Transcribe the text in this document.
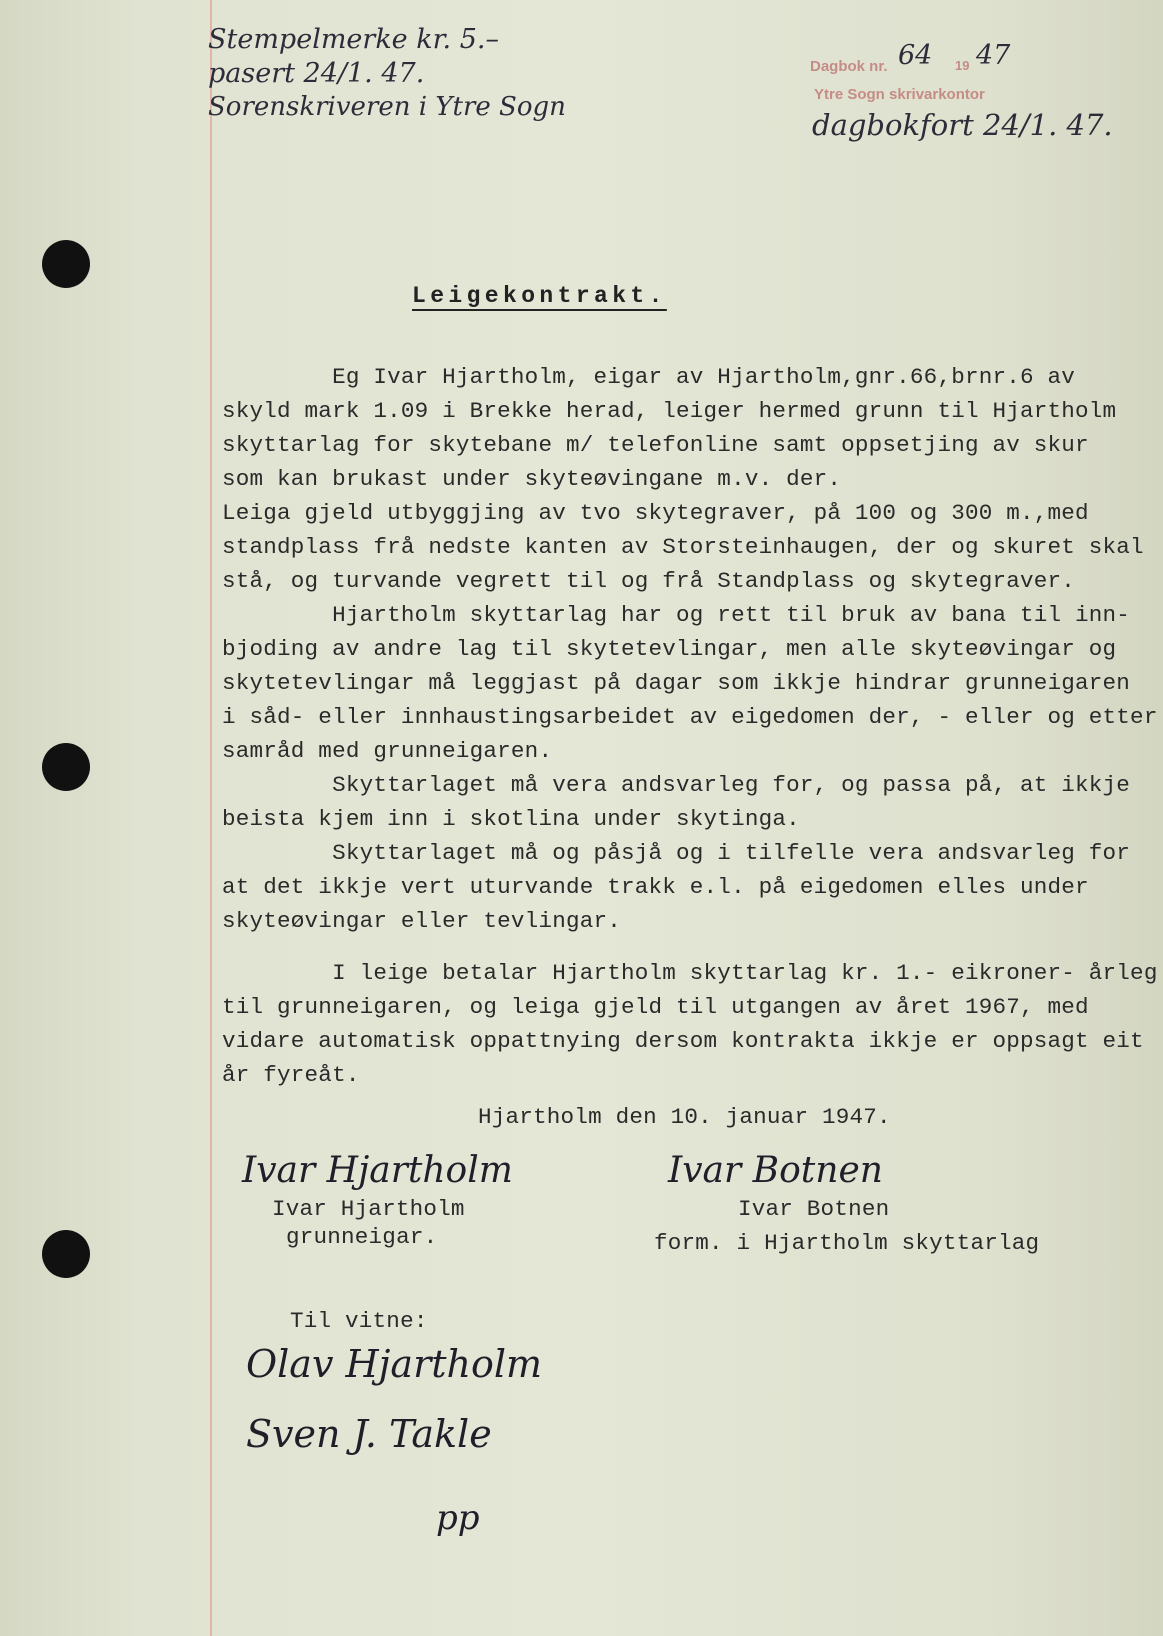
Stempelmerke kr. 5.–
pasert 24/1. 47.
Sorenskriveren i Ytre Sogn
Dagbok nr. 64 19 47
Ytre Sogn skrivarkontor
dagbokfort 24/1. 47.
Leigekontrakt.
Eg Ivar Hjartholm, eigar av Hjartholm,gnr.66,brnr.6 av
skyld mark 1.09 i Brekke herad, leiger hermed grunn til Hjartholm
skyttarlag for skytebane m/ telefonline samt oppsetjing av skur
som kan brukast under skyteøvingane m.v. der.
Leiga gjeld utbyggjing av tvo skytegraver, på 100 og 300 m.,med
standplass frå nedste kanten av Storsteinhaugen, der og skuret skal
stå, og turvande vegrett til og frå Standplass og skytegraver.
Hjartholm skyttarlag har og rett til bruk av bana til inn-
bjoding av andre lag til skytetevlingar, men alle skyteøvingar og
skytetevlingar må leggjast på dagar som ikkje hindrar grunneigaren
i såd- eller innhaustingsarbeidet av eigedomen der, - eller og etter
samråd med grunneigaren.
Skyttarlaget må vera andsvarleg for, og passa på, at ikkje
beista kjem inn i skotlina under skytinga.
Skyttarlaget må og påsjå og i tilfelle vera andsvarleg for
at det ikkje vert uturvande trakk e.l. på eigedomen elles under
skyteøvingar eller tevlingar.
I leige betalar Hjartholm skyttarlag kr. 1.- eikroner- årleg
til grunneigaren, og leiga gjeld til utgangen av året 1967, med
vidare automatisk oppattnying dersom kontrakta ikkje er oppsagt eit
år fyreåt.
Hjartholm den 10. januar 1947.
Ivar Hjartholm
Ivar Hjartholm
grunneigar.
Ivar Botnen
Ivar Botnen
form. i Hjartholm skyttarlag
Til vitne:
Olav Hjartholm
Sven J. Takle
pp
